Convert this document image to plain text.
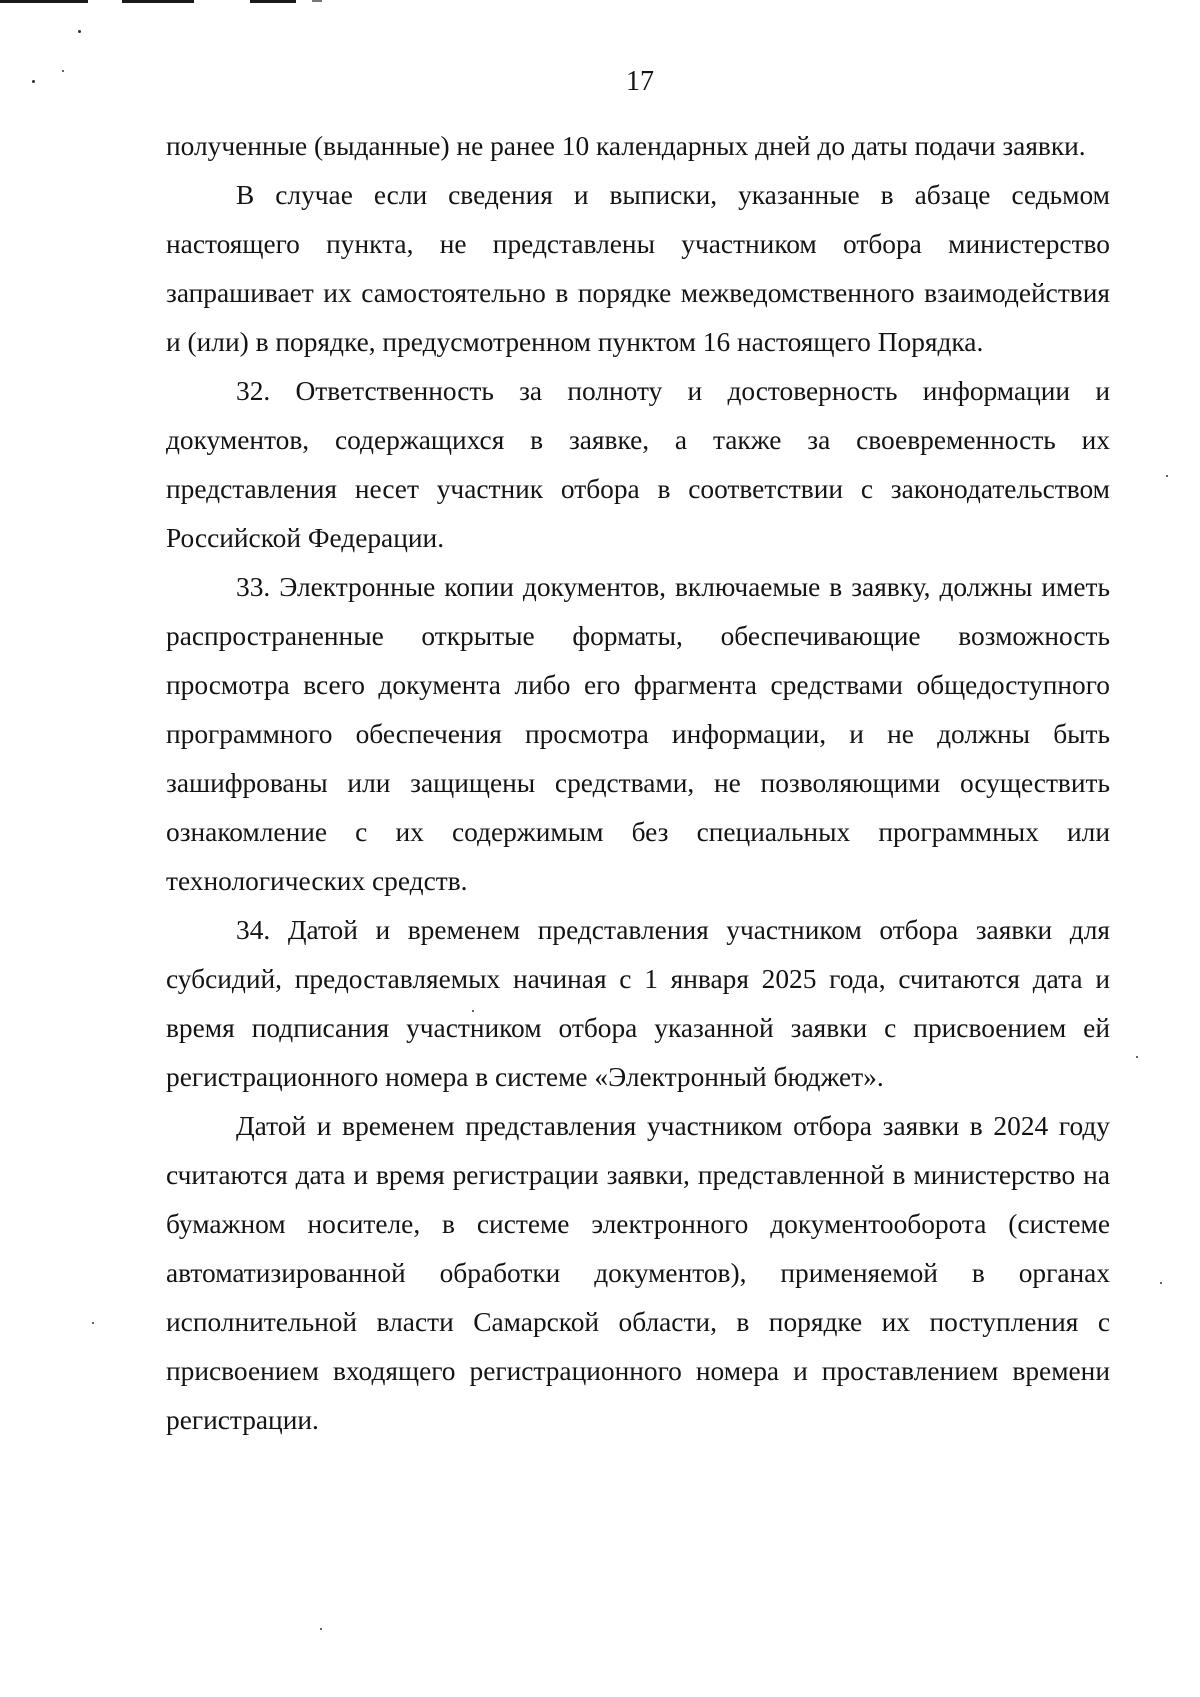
17

полученные (выданные) не ранее 10 календарных дней до даты подачи заявки.

В случае если сведения и выписки, указанные в абзаце седьмом настоящего пункта, не представлены участником отбора министерство запрашивает их самостоятельно в порядке межведомственного взаимодействия и (или) в порядке, предусмотренном пунктом 16 настоящего Порядка.

32. Ответственность за полноту и достоверность информации и документов, содержащихся в заявке, а также за своевременность их представления несет участник отбора в соответствии с законодательством Российской Федерации.

33. Электронные копии документов, включаемые в заявку, должны иметь распространенные открытые форматы, обеспечивающие возможность просмотра всего документа либо его фрагмента средствами общедоступного программного обеспечения просмотра информации, и не должны быть зашифрованы или защищены средствами, не позволяющими осуществить ознакомление с их содержимым без специальных программных или технологических средств.

34. Датой и временем представления участником отбора заявки для субсидий, предоставляемых начиная с 1 января 2025 года, считаются дата и время подписания участником отбора указанной заявки с присвоением ей регистрационного номера в системе «Электронный бюджет».

Датой и временем представления участником отбора заявки в 2024 году считаются дата и время регистрации заявки, представленной в министерство на бумажном носителе, в системе электронного документооборота (системе автоматизированной обработки документов), применяемой в органах исполнительной власти Самарской области, в порядке их поступления с присвоением входящего регистрационного номера и проставлением времени регистрации.
